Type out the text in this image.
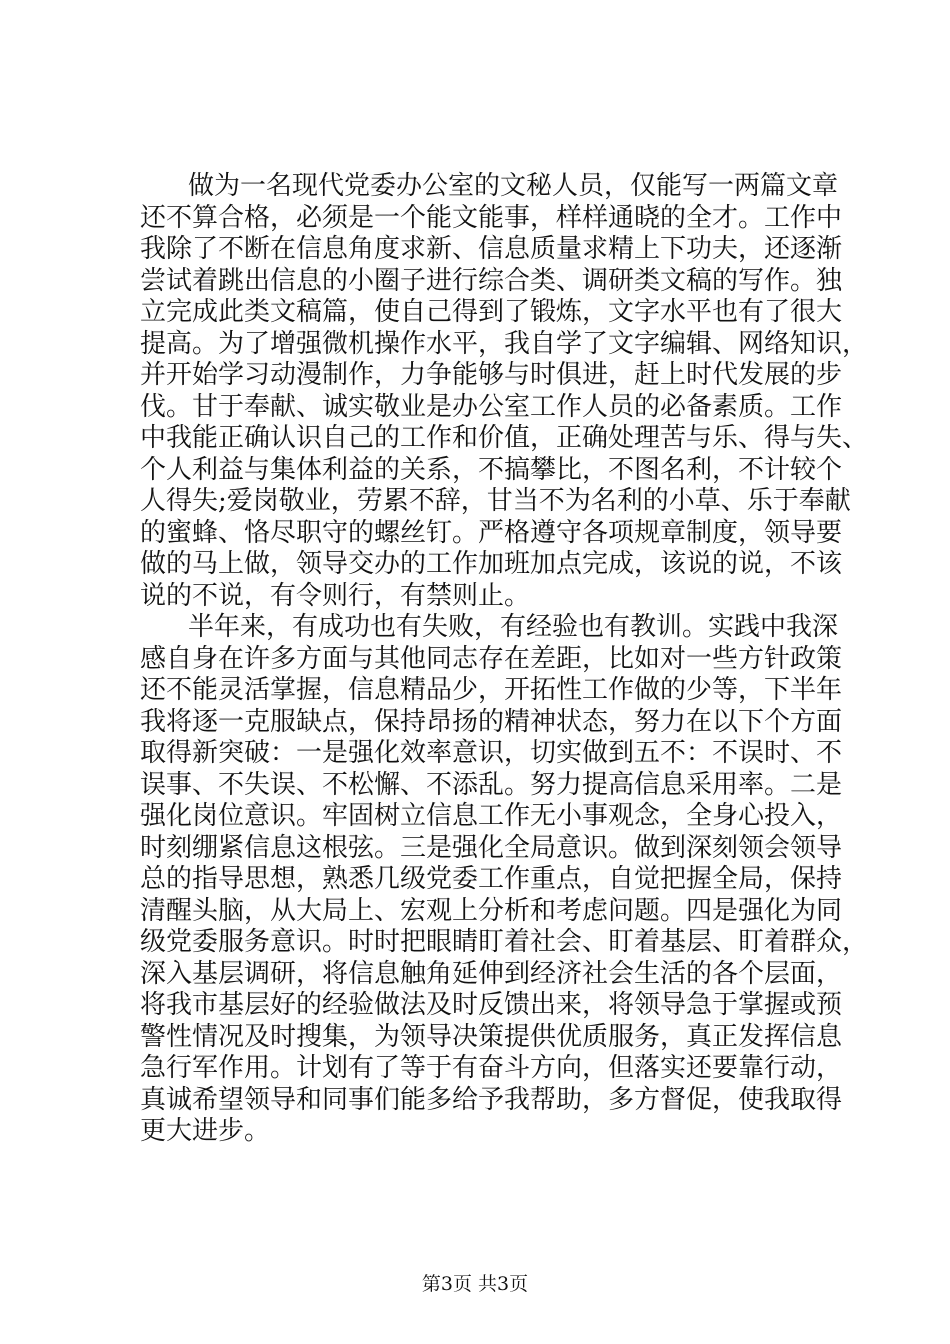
做为一名现代党委办公室的文秘人员，仅能写一两篇文章
还不算合格，必须是一个能文能事，样样通晓的全才。工作中
我除了不断在信息角度求新、信息质量求精上下功夫，还逐渐
尝试着跳出信息的小圈子进行综合类、调研类文稿的写作。独
立完成此类文稿篇，使自己得到了锻炼，文字水平也有了很大
提高。为了增强微机操作水平，我自学了文字编辑、网络知识，
并开始学习动漫制作，力争能够与时俱进，赶上时代发展的步
伐。甘于奉献、诚实敬业是办公室工作人员的必备素质。工作
中我能正确认识自己的工作和价值，正确处理苦与乐、得与失、
个人利益与集体利益的关系，不搞攀比，不图名利，不计较个
人得失;爱岗敬业，劳累不辞，甘当不为名利的小草、乐于奉献
的蜜蜂、恪尽职守的螺丝钉。严格遵守各项规章制度，领导要
做的马上做，领导交办的工作加班加点完成，该说的说，不该
说的不说，有令则行，有禁则止。
半年来，有成功也有失败，有经验也有教训。实践中我深
感自身在许多方面与其他同志存在差距，比如对一些方针政策
还不能灵活掌握，信息精品少，开拓性工作做的少等，下半年
我将逐一克服缺点，保持昂扬的精神状态，努力在以下个方面
取得新突破：一是强化效率意识，切实做到五不：不误时、不
误事、不失误、不松懈、不添乱。努力提高信息采用率。二是
强化岗位意识。牢固树立信息工作无小事观念，全身心投入，
时刻绷紧信息这根弦。三是强化全局意识。做到深刻领会领导
总的指导思想，熟悉几级党委工作重点，自觉把握全局，保持
清醒头脑，从大局上、宏观上分析和考虑问题。四是强化为同
级党委服务意识。时时把眼睛盯着社会、盯着基层、盯着群众，
深入基层调研，将信息触角延伸到经济社会生活的各个层面，
将我市基层好的经验做法及时反馈出来，将领导急于掌握或预
警性情况及时搜集，为领导决策提供优质服务，真正发挥信息
急行军作用。计划有了等于有奋斗方向，但落实还要靠行动，
真诚希望领导和同事们能多给予我帮助，多方督促，使我取得
更大进步。
第3页 共3页
